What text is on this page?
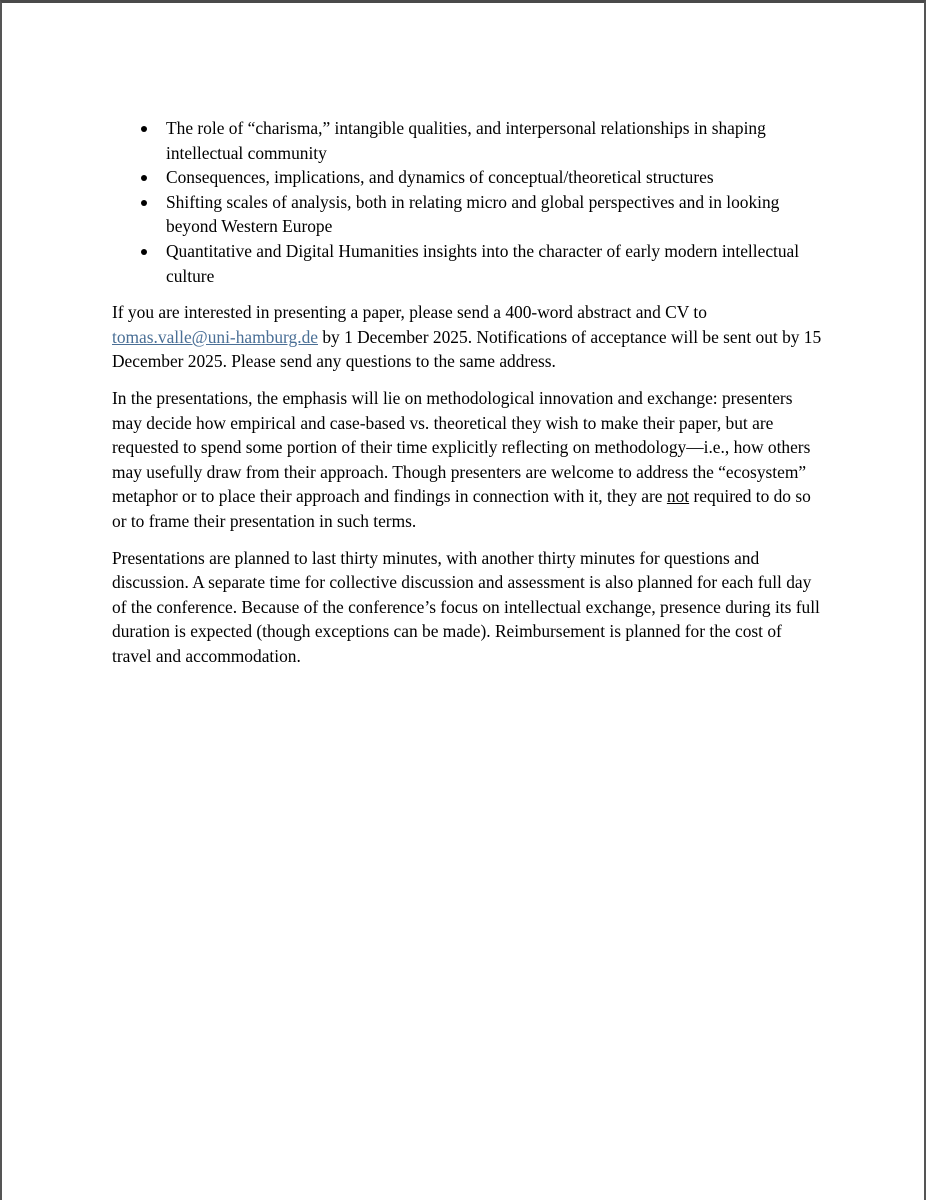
The role of “charisma,” intangible qualities, and interpersonal relationships in shaping intellectual community
Consequences, implications, and dynamics of conceptual/theoretical structures
Shifting scales of analysis, both in relating micro and global perspectives and in looking beyond Western Europe
Quantitative and Digital Humanities insights into the character of early modern intellectual culture

If you are interested in presenting a paper, please send a 400-word abstract and CV to tomas.valle@uni-hamburg.de by 1 December 2025. Notifications of acceptance will be sent out by 15 December 2025. Please send any questions to the same address.

In the presentations, the emphasis will lie on methodological innovation and exchange: presenters may decide how empirical and case-based vs. theoretical they wish to make their paper, but are requested to spend some portion of their time explicitly reflecting on methodology—i.e., how others may usefully draw from their approach. Though presenters are welcome to address the “ecosystem” metaphor or to place their approach and findings in connection with it, they are not required to do so or to frame their presentation in such terms.

Presentations are planned to last thirty minutes, with another thirty minutes for questions and discussion. A separate time for collective discussion and assessment is also planned for each full day of the conference. Because of the conference’s focus on intellectual exchange, presence during its full duration is expected (though exceptions can be made). Reimbursement is planned for the cost of travel and accommodation.
